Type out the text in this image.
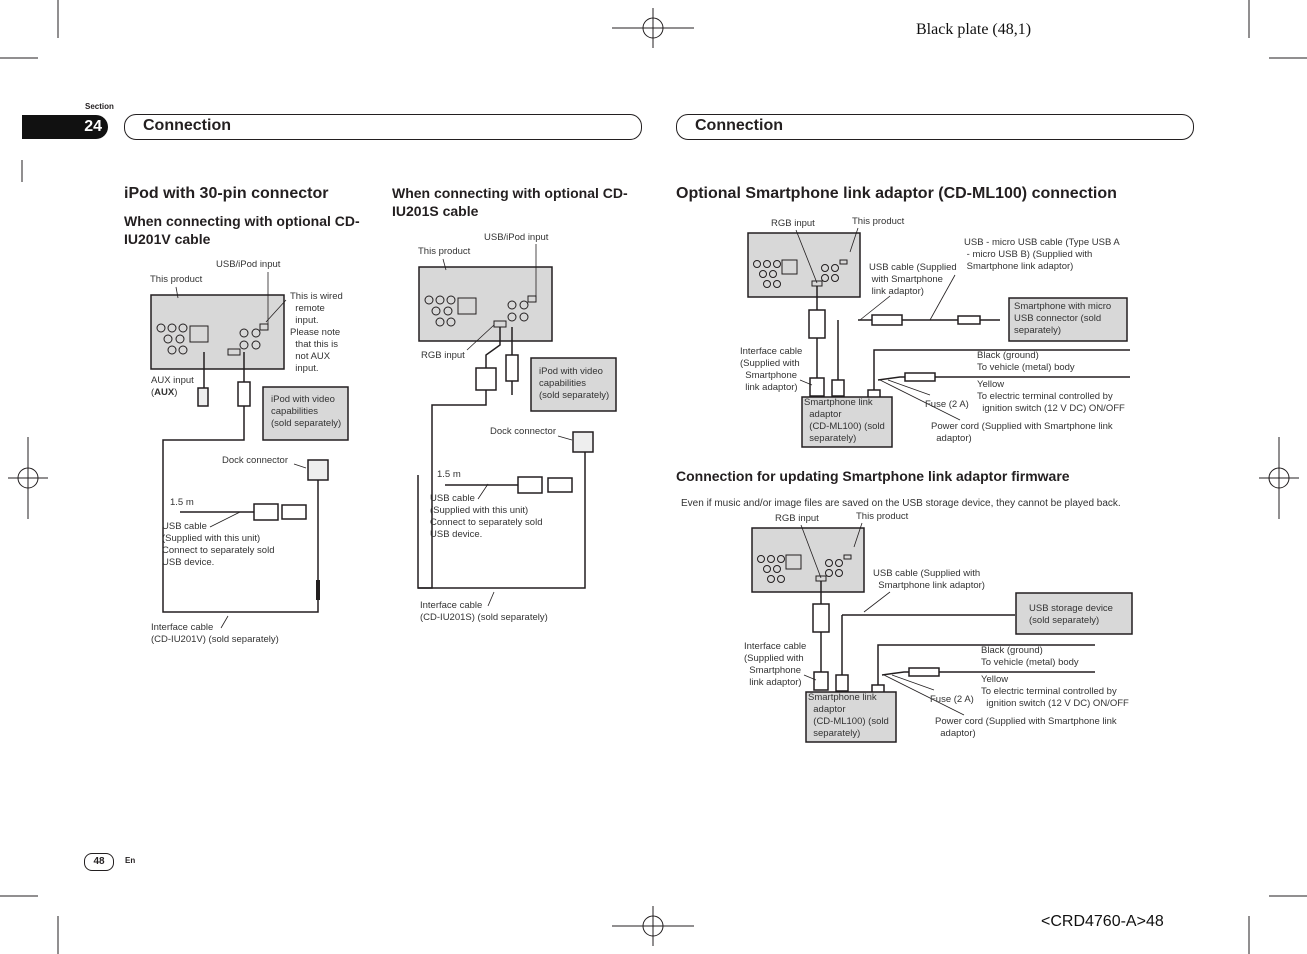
Black plate (48,1)
Section
24	Connection	Connection
iPod with 30-pin connector
When connecting with optional CD-IU201V cable
USB/iPod input
This product
This is wired
remote
input.
Please note
that this is
not AUX
input.
AUX input
(AUX)
iPod with video
capabilities
(sold separately)
Dock connector
1.5 m
USB cable
(Supplied with this unit)
Connect to separately sold
USB device.
Interface cable
(CD-IU201V) (sold separately)
When connecting with optional CD-IU201S cable
USB/iPod input
This product
RGB input
iPod with video
capabilities
(sold separately)
Dock connector
1.5 m
USB cable
(Supplied with this unit)
Connect to separately sold
USB device.
Interface cable
(CD-IU201S) (sold separately)
Optional Smartphone link adaptor (CD-ML100) connection
RGB input	This product
USB - micro USB cable (Type USB A
- micro USB B) (Supplied with
Smartphone link adaptor)
USB cable (Supplied
with Smartphone
link adaptor)
Smartphone with micro
USB connector (sold
separately)
Interface cable
(Supplied with
Smartphone
link adaptor)
Black (ground)
To vehicle (metal) body
Yellow
To electric terminal controlled by
ignition switch (12 V DC) ON/OFF
Fuse (2 A)
Smartphone link
adaptor
(CD-ML100) (sold
separately)
Power cord (Supplied with Smartphone link
adaptor)
Connection for updating Smartphone link adaptor firmware
Even if music and/or image files are saved on the USB storage device, they cannot be played back.
RGB input	This product
USB cable (Supplied with
Smartphone link adaptor)
USB storage device
(sold separately)
Interface cable
(Supplied with
Smartphone
link adaptor)
Black (ground)
To vehicle (metal) body
Yellow
To electric terminal controlled by
ignition switch (12 V DC) ON/OFF
Fuse (2 A)
Smartphone link
adaptor
(CD-ML100) (sold
separately)
Power cord (Supplied with Smartphone link
adaptor)
48	En
<CRD4760-A>48
